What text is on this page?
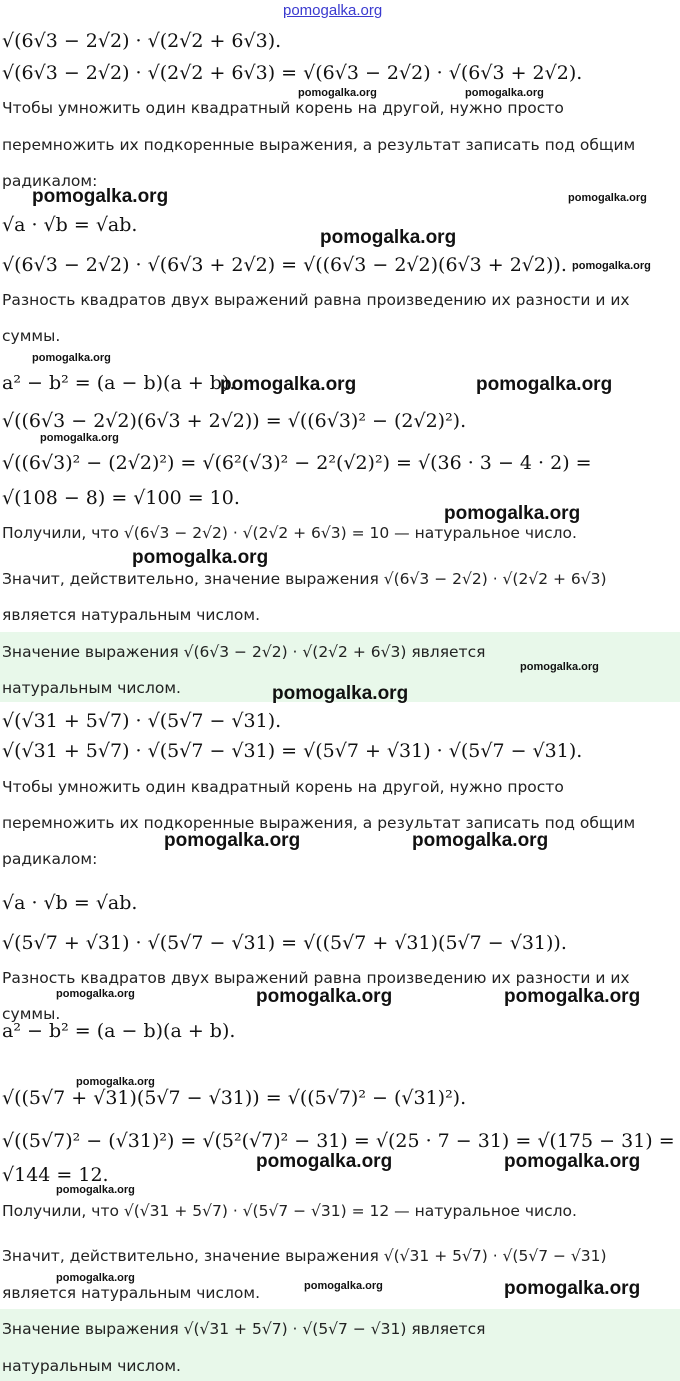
√(6√3 − 2√2) · √(2√2 + 6√3).
√(6√3 − 2√2) · √(2√2 + 6√3) = √(6√3 − 2√2) · √(6√3 + 2√2).
Чтобы умножить один квадратный корень на другой, нужно просто
перемножить их подкоренные выражения, а результат записать под общим
радикалом:
√a · √b = √ab.
√(6√3 − 2√2) · √(6√3 + 2√2) = √((6√3 − 2√2)(6√3 + 2√2)).
Разность квадратов двух выражений равна произведению их разности и их
суммы.
a² − b² = (a − b)(a + b).
√((6√3 − 2√2)(6√3 + 2√2)) = √((6√3)² − (2√2)²).
√((6√3)² − (2√2)²) = √(6²(√3)² − 2²(√2)²) = √(36 · 3 − 4 · 2) =
√(108 − 8) = √100 = 10.
Получили, что √(6√3 − 2√2) · √(2√2 + 6√3) = 10 — натуральное число.
Значит, действительно, значение выражения √(6√3 − 2√2) · √(2√2 + 6√3)
является натуральным числом.
Значение выражения √(6√3 − 2√2) · √(2√2 + 6√3) является
натуральным числом.
√(√31 + 5√7) · √(5√7 − √31).
√(√31 + 5√7) · √(5√7 − √31) = √(5√7 + √31) · √(5√7 − √31).
Чтобы умножить один квадратный корень на другой, нужно просто
перемножить их подкоренные выражения, а результат записать под общим
радикалом:
√a · √b = √ab.
√(5√7 + √31) · √(5√7 − √31) = √((5√7 + √31)(5√7 − √31)).
Разность квадратов двух выражений равна произведению их разности и их
суммы.
a² − b² = (a − b)(a + b).
√((5√7 + √31)(5√7 − √31)) = √((5√7)² − (√31)²).
√((5√7)² − (√31)²) = √(5²(√7)² − 31) = √(25 · 7 − 31) = √(175 − 31) =
√144 = 12.
Получили, что √(√31 + 5√7) · √(5√7 − √31) = 12 — натуральное число.
Значит, действительно, значение выражения √(√31 + 5√7) · √(5√7 − √31)
является натуральным числом.
Значение выражения √(√31 + 5√7) · √(5√7 − √31) является
натуральным числом.
pomogalka.org
pomogalka.org	pomogalka.org
pomogalka.org	pomogalka.org
pomogalka.org
pomogalka.org
pomogalka.org
pomogalka.org	pomogalka.org
pomogalka.org
pomogalka.org
pomogalka.org
pomogalka.org
pomogalka.org
pomogalka.org	pomogalka.org
pomogalka.org	pomogalka.org	pomogalka.org
pomogalka.org
pomogalka.org	pomogalka.org
pomogalka.org
pomogalka.org
pomogalka.org	pomogalka.org
